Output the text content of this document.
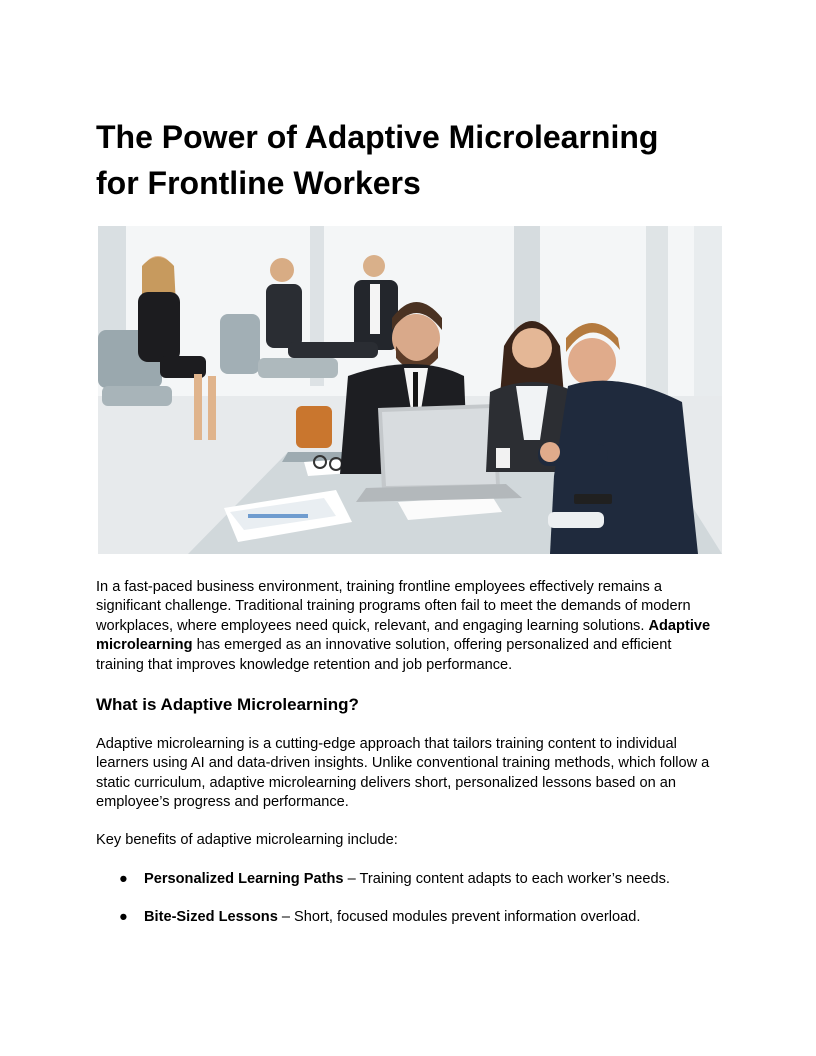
The Power of Adaptive Microlearning
for Frontline Workers

In a fast-paced business environment, training frontline employees effectively remains a significant challenge. Traditional training programs often fail to meet the demands of modern workplaces, where employees need quick, relevant, and engaging learning solutions. Adaptive microlearning has emerged as an innovative solution, offering personalized and efficient training that improves knowledge retention and job performance.

What is Adaptive Microlearning?

Adaptive microlearning is a cutting-edge approach that tailors training content to individual learners using AI and data-driven insights. Unlike conventional training methods, which follow a static curriculum, adaptive microlearning delivers short, personalized lessons based on an employee’s progress and performance.

Key benefits of adaptive microlearning include:

● Personalized Learning Paths – Training content adapts to each worker’s needs.
● Bite-Sized Lessons – Short, focused modules prevent information overload.
